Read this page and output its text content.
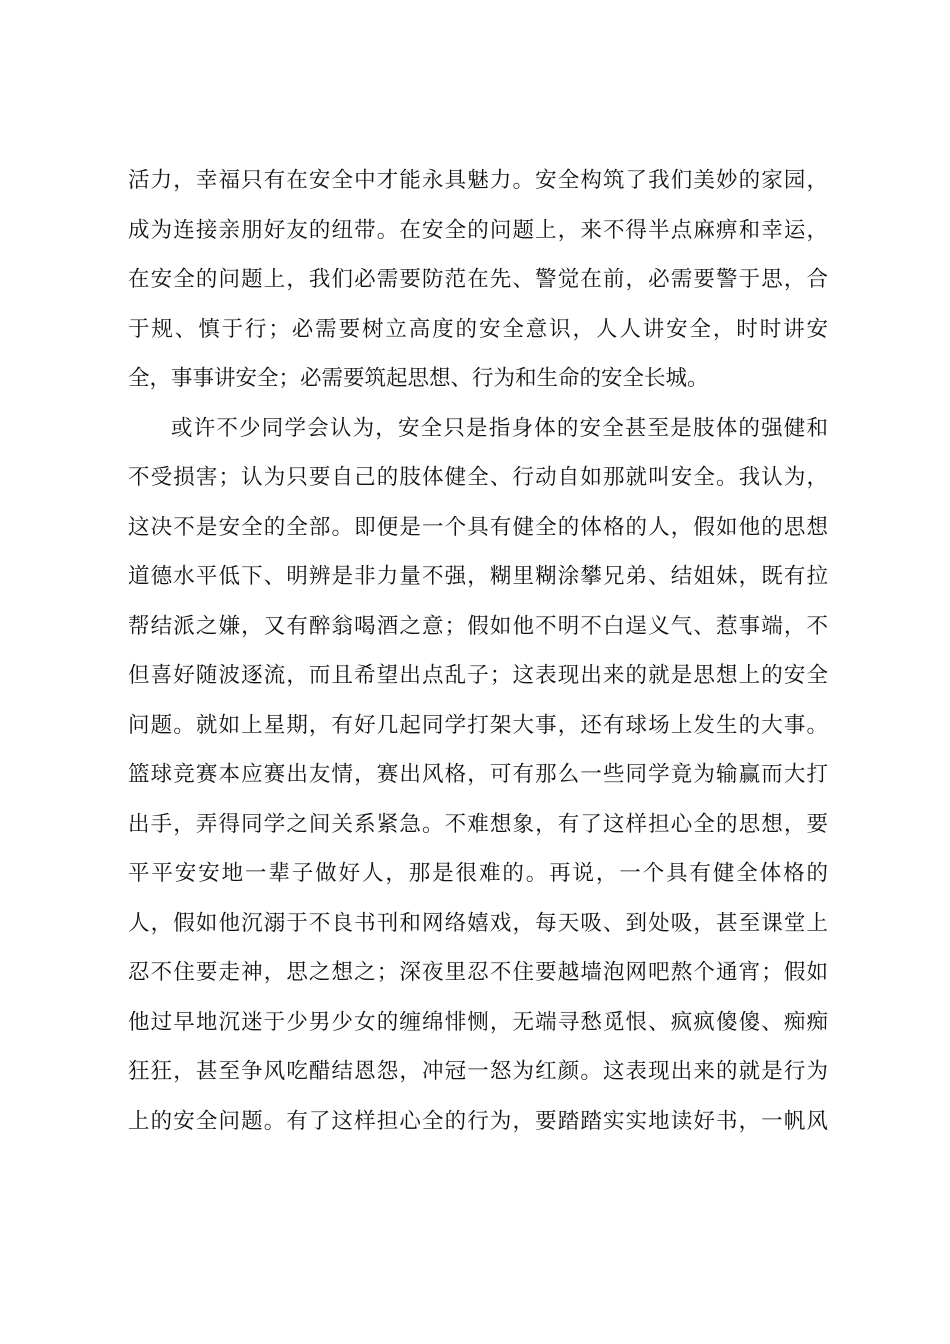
活力，幸福只有在安全中才能永具魅力。安全构筑了我们美妙的家园，
成为连接亲朋好友的纽带。在安全的问题上，来不得半点麻痹和幸运，
在安全的问题上，我们必需要防范在先、警觉在前，必需要警于思，合
于规、慎于行；必需要树立高度的安全意识，人人讲安全，时时讲安
全，事事讲安全；必需要筑起思想、行为和生命的安全长城。
或许不少同学会认为，安全只是指身体的安全甚至是肢体的强健和
不受损害；认为只要自己的肢体健全、行动自如那就叫安全。我认为，
这决不是安全的全部。即便是一个具有健全的体格的人，假如他的思想
道德水平低下、明辨是非力量不强，糊里糊涂攀兄弟、结姐妹，既有拉
帮结派之嫌，又有醉翁喝酒之意；假如他不明不白逞义气、惹事端，不
但喜好随波逐流，而且希望出点乱子；这表现出来的就是思想上的安全
问题。就如上星期，有好几起同学打架大事，还有球场上发生的大事。
篮球竞赛本应赛出友情，赛出风格，可有那么一些同学竟为输赢而大打
出手，弄得同学之间关系紧急。不难想象，有了这样担心全的思想，要
平平安安地一辈子做好人，那是很难的。再说，一个具有健全体格的
人，假如他沉溺于不良书刊和网络嬉戏，每天吸、到处吸，甚至课堂上
忍不住要走神，思之想之；深夜里忍不住要越墙泡网吧熬个通宵；假如
他过早地沉迷于少男少女的缠绵悱恻，无端寻愁觅恨、疯疯傻傻、痴痴
狂狂，甚至争风吃醋结恩怨，冲冠一怒为红颜。这表现出来的就是行为
上的安全问题。有了这样担心全的行为，要踏踏实实地读好书，一帆风
